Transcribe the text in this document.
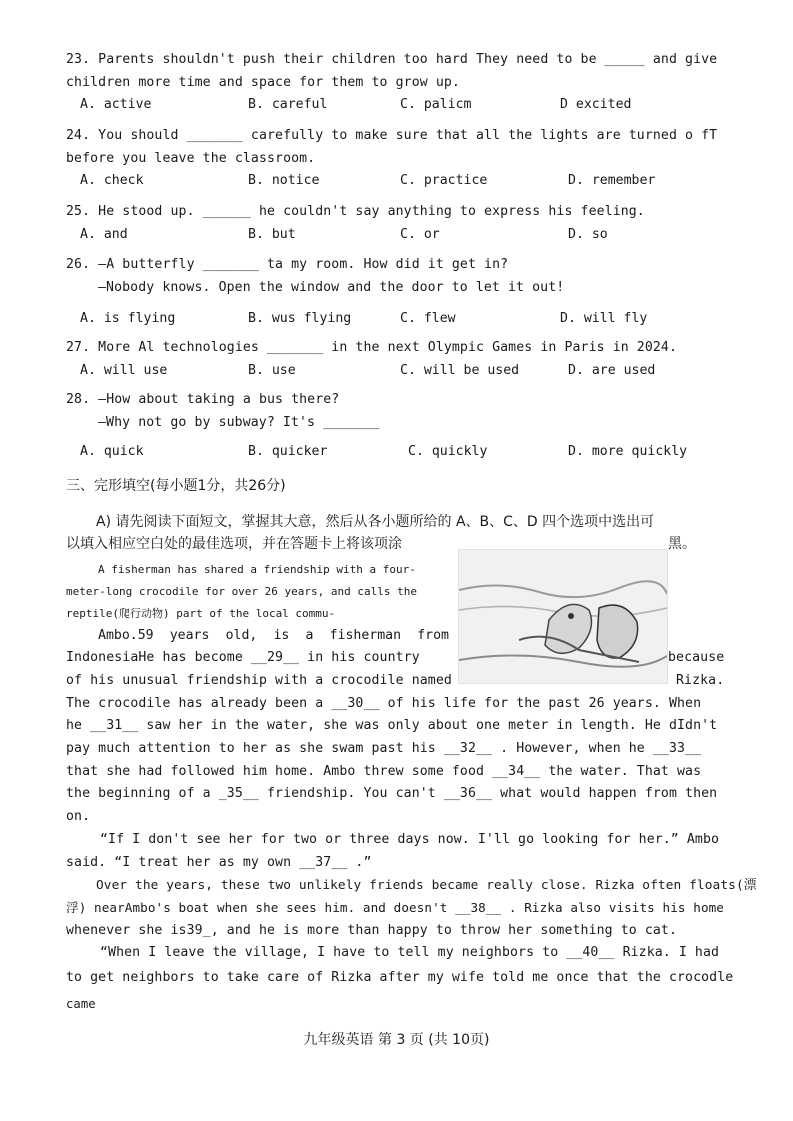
23. Parents shouldn't push their children too hard They need to be _____ and give
children more time and space for them to grow up.
A. active	B. careful	C. palicm	D excited
24. You should _______ carefully to make sure that all the lights are turned o fT
before you leave the classroom.
A. check	B. notice	C. practice	D. remember
25. He stood up. ______ he couldn't say anything to express his feeling.
A. and	B. but	C. or	D. so
26. —A butterfly _______ ta my room. How did it get in?
—Nobody knows. Open the window and the door to let it out!
A. is flying	B. wus flying	C. flew	D. will fly
27. More Al technologies _______ in the next Olympic Games in Paris in 2024.
A. will use	B. use	C. will be used	D. are used
28. —How about taking a bus there?
—Why not go by subway? It's _______
A. quick	B. quicker	C. quickly	D. more quickly
三、完形填空(每小题1分，共26分)
A) 请先阅读下面短文，掌握其大意，然后从各小题所给的 A、B、C、D 四个选项中选出可
以填入相应空白处的最佳选项，并在答题卡上将该项涂	黑。
A fisherman has shared a friendship with a four-
meter-long crocodile for over 26 years, and calls the
reptile(爬行动物) part of the local commu-
Ambo.59 years old, is a fisherman from
IndonesiaHe has become __29__ in his country	because
of his unusual friendship with a crocodile named	Rizka.
The crocodile has already been a __30__ of his life for the past 26 years. When
he __31__ saw her in the water, she was only about one meter in length. He dIdn't
pay much attention to her as she swam past his __32__ . However, when he __33__
that she had followed him home. Ambo threw some food __34__ the water. That was
the beginning of a _35__ friendship. You can't __36__ what would happen from then
on.
“If I don't see her for two or three days now. I'll go looking for her.” Ambo
said. “I treat her as my own __37__ .”
Over the years, these two unlikely friends became really close. Rizka often floats(漂
浮) nearAmbo's boat when she sees him. and doesn't __38__ . Rizka also visits his home
whenever she is39_, and he is more than happy to throw her something to cat.
“When I leave the village, I have to tell my neighbors to __40__ Rizka. I had
to get neighbors to take care of Rizka after my wife told me once that the crocodle
came
九年级英语 第 3 页 (共 10页)
